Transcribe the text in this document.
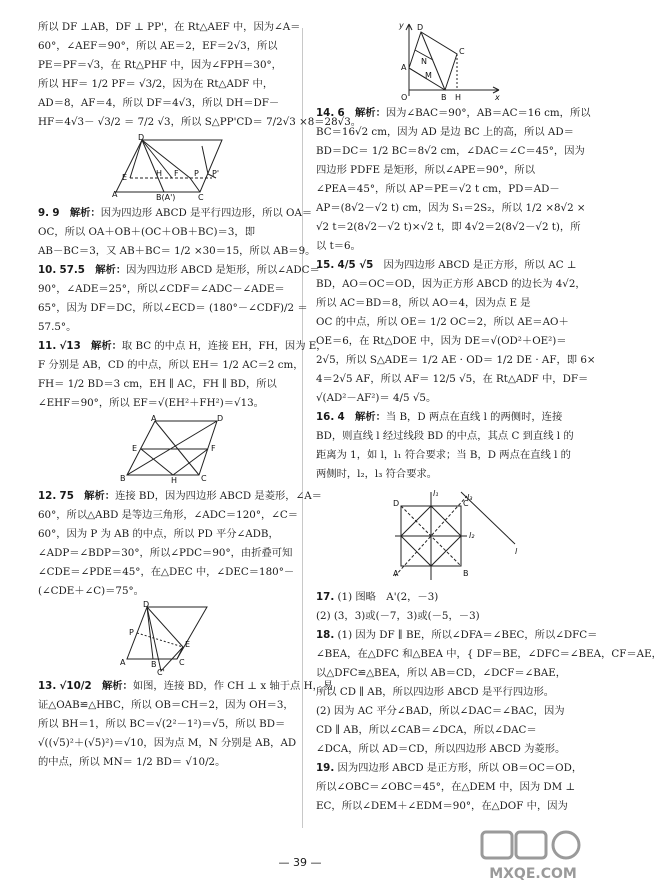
所以 DF ⊥AB，DF ⊥ PP'，在 Rt△AEF 中，因为∠A＝
60°，∠AEF＝90°，所以 AE＝2，EF＝2√3，所以
PE＝PF＝√3，在 Rt△PHF 中，因为∠FPH＝30°，
所以 HF＝ 1/2 PF＝ √3/2，因为在 Rt△ADF 中，
AD＝8，AF＝4，所以 DF＝4√3，所以 DH＝DF－
HF＝4√3－ √3/2 ＝ 7/2 √3，所以 S△PP'CD＝ 7/2√3 ×8＝28√3。
D
A
E	H F	P'
P
B(A')	C
9. 9　 解析：因为四边形 ABCD 是平行四边形，所以 OA＝
OC，所以 OA＋OB＋(OC＋OB＋BC)＝3，即
AB－BC＝3，又 AB＋BC＝ 1/2 ×30＝15，所以 AB＝9。
10. 57.5　 解析：因为四边形 ABCD 是矩形，所以∠ADC＝
90°，∠ADE＝25°，所以∠CDF＝∠ADC－∠ADE＝
65°，因为 DF＝DC，所以∠ECD＝ (180°－∠CDF)/2 ＝
57.5°。
11. √13　 解析：取 BC 的中点 H，连接 EH，FH，因为 E，
F 分别是 AB，CD 的中点，所以 EH＝ 1/2 AC＝2 cm，
FH＝ 1/2 BD＝3 cm，EH ∥ AC，FH ∥ BD，所以
∠EHF＝90°，所以 EF＝√(EH²＋FH²)＝√13。
A	D
E	F
B	H	C
12. 75　 解析：连接 BD，因为四边形 ABCD 是菱形，∠A＝
60°，所以△ABD 是等边三角形，∠ADC＝120°，∠C＝
60°，因为 P 为 AB 的中点，所以 PD 平分∠ADB，
∠ADP＝∠BDP＝30°，所以∠PDC＝90°，由折叠可知
∠CDE＝∠PDE＝45°，在△DEC 中，∠DEC＝180°－
(∠CDE＋∠C)＝75°。
D
A
P
E
B	C
C'
13. √10/2　 解析：如图，连接 BD，作 CH ⊥ x 轴于点 H，易
证△OAB≌△HBC，所以 OB＝CH＝2，因为 OH＝3，
所以 BH＝1，所以 BC＝√(2²－1²)＝√5，所以 BD＝
√((√5)²＋(√5)²)＝√10，因为点 M，N 分别是 AB，AD
的中点，所以 MN＝ 1/2 BD＝ √10/2。
y D
C
A
N
M
O	B H	x
14. 6　 解析：因为∠BAC＝90°，AB＝AC＝16 cm，所以
BC＝16√2 cm，因为 AD 是边 BC 上的高，所以 AD＝
BD＝DC＝ 1/2 BC＝8√2 cm，∠DAC＝∠C＝45°，因为
四边形 PDFE 是矩形，所以∠APE＝90°，所以
∠PEA＝45°，所以 AP＝PE＝√2 t cm，PD＝AD－
AP＝(8√2－√2 t) cm，因为 S₁＝2S₂，所以 1/2 ×8√2 ×
√2 t＝2(8√2－√2 t)×√2 t，即 4√2＝2(8√2－√2 t)，所
以 t＝6。
15. 4/5 √5　 因为四边形 ABCD 是正方形，所以 AC ⊥
BD，AO＝OC＝OD，因为正方形 ABCD 的边长为 4√2，
所以 AC＝BD＝8，所以 AO＝4，因为点 E 是
OC 的中点，所以 OE＝ 1/2 OC＝2，所以 AE＝AO＋
OE＝6，在 Rt△DOE 中，因为 DE＝√(OD²＋OE²)＝
2√5，所以 S△ADE＝ 1/2 AE · OD＝ 1/2 DE · AF，即 6×
4＝2√5 AF，所以 AF＝ 12/5 √5，在 Rt△ADF 中，DF＝
√(AD²－AF²)＝ 4/5 √5。
16. 4　 解析：当 B，D 两点在直线 l 的两侧时，连接
BD，则直线 l 经过线段 BD 的中点，其点 C 到直线 l 的
距离为 1，如 l，l₁ 符合要求；当 B，D 两点在直线 l 的
两侧时，l₂，l₃ 符合要求。
D	C
A	B
l
l₁
l₂
l₃
17. (1) 图略　A'(2，－3)
(2) (3，3)或(－7，3)或(－5，－3)
18. (1) 因为 DF ∥ BE，所以∠DFA＝∠BEC，所以∠DFC＝
∠BEA，在△DFC 和△BEA 中，{ DF＝BE，∠DFC＝∠BEA，CF＝AE，
以△DFC≌△BEA，所以 AB＝CD，∠DCF＝∠BAE，
所以 CD ∥ AB，所以四边形 ABCD 是平行四边形。
(2) 因为 AC 平分∠BAD，所以∠DAC＝∠BAC，因为
CD ∥ AB，所以∠CAB＝∠DCA，所以∠DAC＝
∠DCA，所以 AD＝CD，所以四边形 ABCD 为菱形。
19. 因为四边形 ABCD 是正方形，所以 OB＝OC＝OD，
所以∠OBC＝∠OBC＝45°，在△DEM 中，因为 DM ⊥
EC，所以∠DEM＋∠EDM＝90°，在△DOF 中，因为
— 39 —
MXQE.COM
